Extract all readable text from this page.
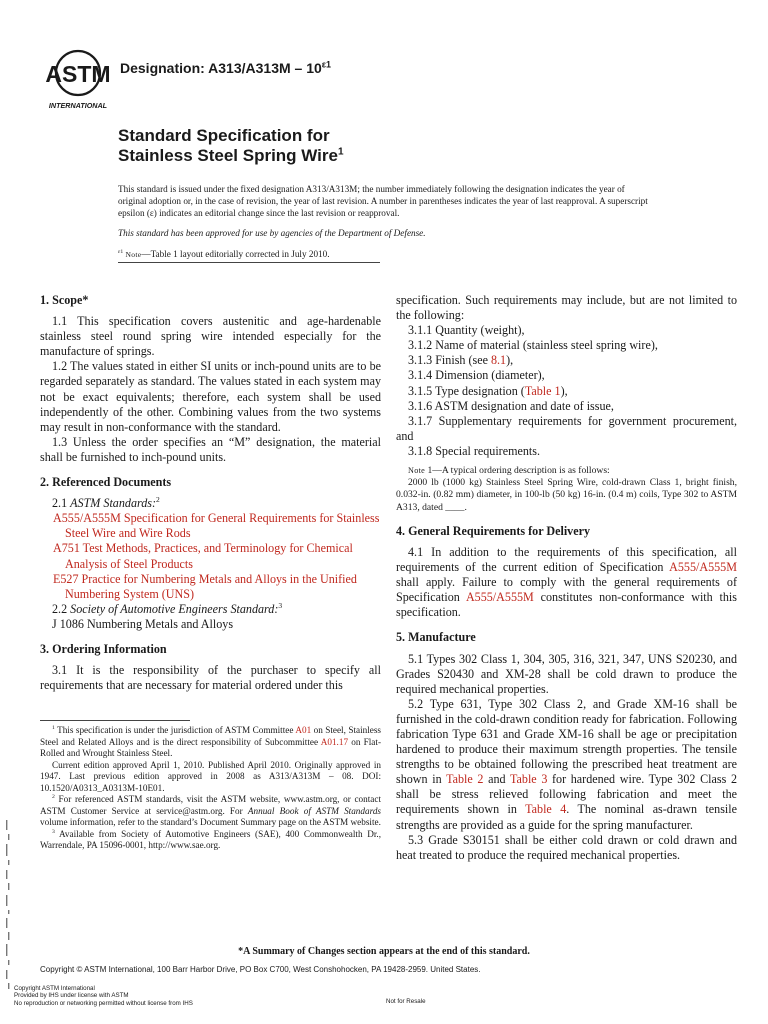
ASTM
INTERNATIONAL
Designation: $A313/A313M - 10^{\varepsilon 1}$
Standard Specification for
Stainless Steel Spring Wire$^1$

This standard is issued under the fixed designation A313/A313M; the number immediately following the designation indicates the year of original adoption or, in the case of revision, the year of last revision. A number in parentheses indicates the year of last reapproval. A superscript epsilon (ε) indicates an editorial change since the last revision or reapproval.

This standard has been approved for use by agencies of the Department of Defense.

$^{\varepsilon 1}$ Note—Table 1 layout editorially corrected in July 2010.

1. Scope*

1.1 This specification covers austenitic and age-hardenable stainless steel round spring wire intended especially for the manufacture of springs.

1.2 The values stated in either SI units or inch-pound units are to be regarded separately as standard. The values stated in each system may not be exact equivalents; therefore, each system shall be used independently of the other. Combining values from the two systems may result in non-conformance with the standard.

1.3 Unless the order specifies an “M” designation, the material shall be furnished to inch-pound units.

2. Referenced Documents

2.1 ASTM Standards:$^2$

A555/A555M Specification for General Requirements for Stainless Steel Wire and Wire Rods

A751 Test Methods, Practices, and Terminology for Chemical Analysis of Steel Products

E527 Practice for Numbering Metals and Alloys in the Unified Numbering System (UNS)

2.2 Society of Automotive Engineers Standard:$^3$

J 1086 Numbering Metals and Alloys

3. Ordering Information

3.1 It is the responsibility of the purchaser to specify all requirements that are necessary for material ordered under this

specification. Such requirements may include, but are not limited to the following:

3.1.1 Quantity (weight),

3.1.2 Name of material (stainless steel spring wire),

3.1.3 Finish (see 8.1),

3.1.4 Dimension (diameter),

3.1.5 Type designation (Table 1),

3.1.6 ASTM designation and date of issue,

3.1.7 Supplementary requirements for government procurement, and

3.1.8 Special requirements.

Note 1—A typical ordering description is as follows:

2000 lb (1000 kg) Stainless Steel Spring Wire, cold-drawn Class 1, bright finish, 0.032-in. (0.82 mm) diameter, in 100-lb (50 kg) 16-in. (0.4 m) coils, Type 302 to ASTM A313, dated ____.

4. General Requirements for Delivery

4.1 In addition to the requirements of this specification, all requirements of the current edition of Specification A555/A555M shall apply. Failure to comply with the general requirements of Specification A555/A555M constitutes non-conformance with this specification.

5. Manufacture

5.1 Types 302 Class 1, 304, 305, 316, 321, 347, UNS S20230, and Grades S20430 and XM-28 shall be cold drawn to produce the required mechanical properties.

5.2 Type 631, Type 302 Class 2, and Grade XM-16 shall be furnished in the cold-drawn condition ready for fabrication. Following fabrication Type 631 and Grade XM-16 shall be age or precipitation hardened to produce their maximum strength properties. The tensile strengths to be obtained following the prescribed heat treatment are shown in Table 2 and Table 3 for hardened wire. Type 302 Class 2 shall be stress relieved following fabrication and meet the requirements shown in Table 4. The nominal as-drawn tensile strengths are provided as a guide for the spring manufacturer.

5.3 Grade S30151 shall be either cold drawn or cold drawn and heat treated to produce the required mechanical properties.

$^1$ This specification is under the jurisdiction of ASTM Committee A01 on Steel, Stainless Steel and Related Alloys and is the direct responsibility of Subcommittee A01.17 on Flat-Rolled and Wrought Stainless Steel.

Current edition approved April 1, 2010. Published April 2010. Originally approved in 1947. Last previous edition approved in 2008 as A313/A313M – 08. DOI: 10.1520/A0313_A0313M-10E01.

$^2$ For referenced ASTM standards, visit the ASTM website, www.astm.org, or contact ASTM Customer Service at service@astm.org. For Annual Book of ASTM Standards volume information, refer to the standard’s Document Summary page on the ASTM website.

$^3$ Available from Society of Automotive Engineers (SAE), 400 Commonwealth Dr., Warrendale, PA 15096-0001, http://www.sae.org.

*A Summary of Changes section appears at the end of this standard.
Copyright © ASTM International, 100 Barr Harbor Drive, PO Box C700, West Conshohocken, PA 19428-2959. United States.
Copyright ASTM International
Provided by IHS under license with ASTM
No reproduction or networking permitted without license from IHS	Not for Resale
